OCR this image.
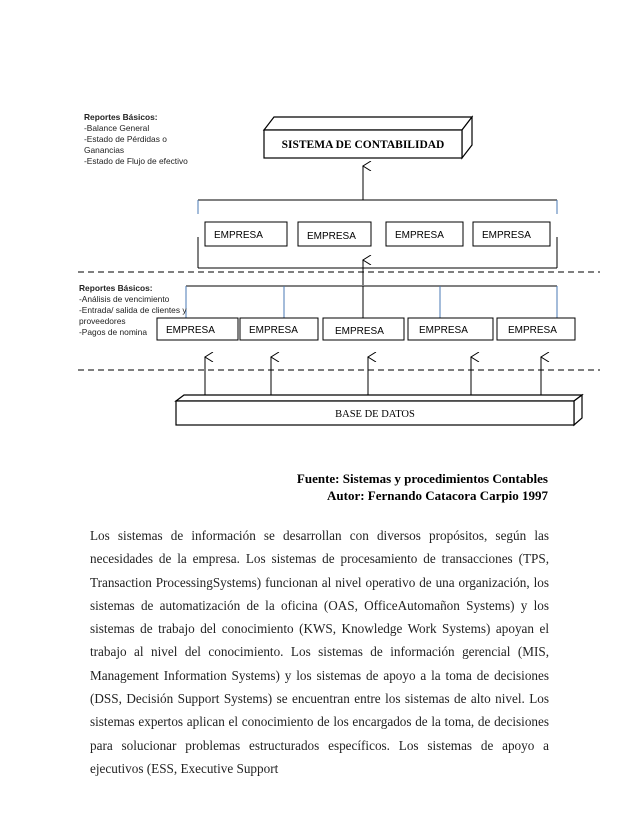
SISTEMA DE CONTABILIDAD
EMPRESA	EMPRESA	EMPRESA	EMPRESA
EMPRESA	EMPRESA	EMPRESA	EMPRESA	EMPRESA
BASE DE DATOS
Reportes Básicos:
-Balance General
-Estado de Pérdidas o
Ganancias
-Estado de Flujo de efectivo
Reportes Básicos:
-Análisis de vencimiento
-Entrada/ salida de clientes y
proveedores
-Pagos de nomina
Fuente: Sistemas y procedimientos Contables
Autor: Fernando Catacora Carpio 1997
Los sistemas de información se desarrollan con diversos propósitos, según las necesidades de la empresa. Los sistemas de procesamiento de transacciones (TPS, Transaction ProcessingSystems) funcionan al nivel operativo de una organización, los sistemas de automatización de la oficina (OAS, OfficeAutomañon Systems) y los sistemas de trabajo del conocimiento (KWS, Knowledge Work Systems) apoyan el trabajo al nivel del conocimiento. Los sistemas de información gerencial (MIS, Management Information Systems) y los sistemas de apoyo a la toma de decisiones (DSS, Decisión Support Systems) se encuentran entre los sistemas de alto nivel. Los sistemas expertos aplican el conocimiento de los encargados de la toma, de decisiones para solucionar problemas estructurados específicos. Los sistemas de apoyo a ejecutivos (ESS, Executive Support
